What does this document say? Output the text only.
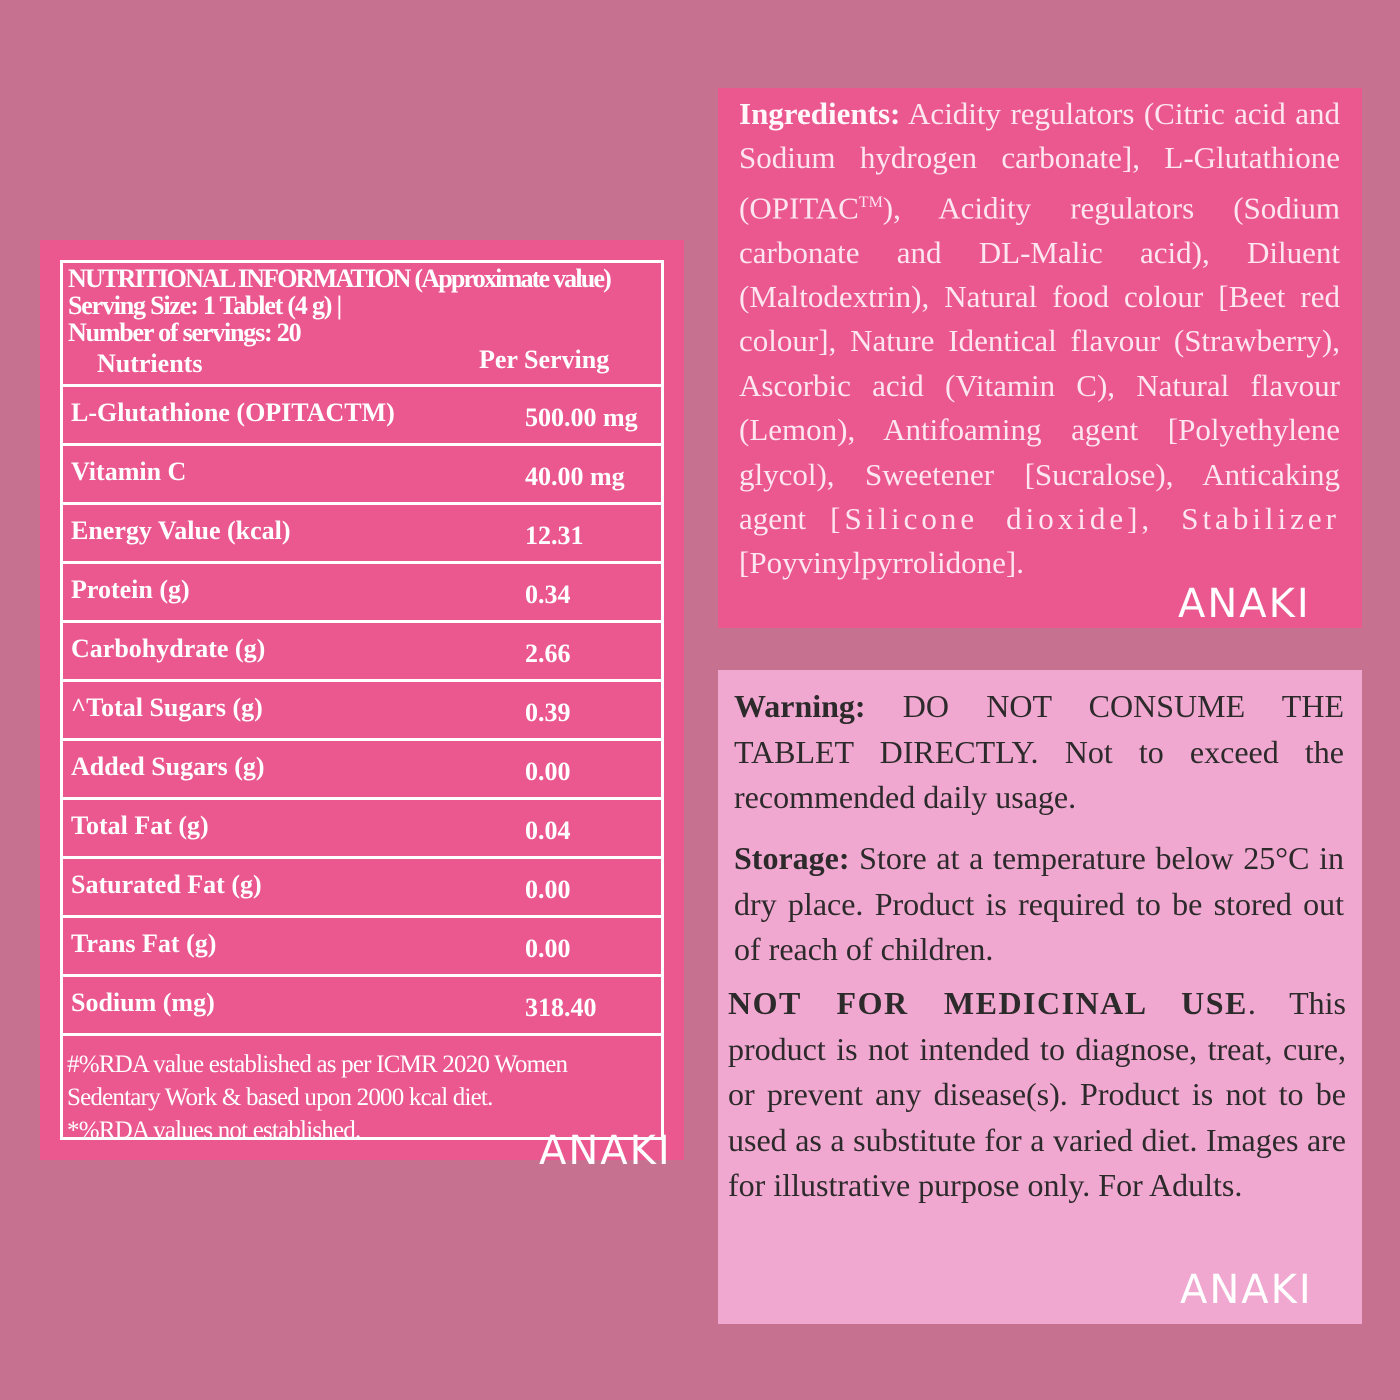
NUTRITIONAL INFORMATION (Approximate value)
Serving Size: 1 Tablet (4 g) |
Number of servings: 20
Nutrients	Per Serving
L-Glutathione (OPITACTM)	500.00 mg
Vitamin C	40.00 mg
Energy Value (kcal)	12.31
Protein (g)	0.34
Carbohydrate (g)	2.66
^Total Sugars (g)	0.39
Added Sugars (g)	0.00
Total Fat (g)	0.04
Saturated Fat (g)	0.00
Trans Fat (g)	0.00
Sodium (mg)	318.40
#%RDA value established as per ICMR 2020 Women
Sedentary Work & based upon 2000 kcal diet.
*%RDA values not established.	ANAKI
Ingredients: Acidity regulators (Citric acid and Sodium hydrogen carbonate], L-Glutathione (OPITAC™), Acidity regulators (Sodium carbonate and DL-Malic acid), Diluent (Maltodextrin), Natural food colour [Beet red colour], Nature Identical flavour (Strawberry), Ascorbic acid (Vitamin C), Natural flavour (Lemon), Antifoaming agent [Polyethylene glycol), Sweetener [Sucralose), Anticaking agent [Silicone dioxide], Stabilizer [Poyvinylpyrrolidone].
ANAKI
Warning: DO NOT CONSUME THE TABLET DIRECTLY. Not to exceed the recommended daily usage.
Storage: Store at a temperature below 25°C in dry place. Product is required to be stored out of reach of children.
NOT FOR MEDICINAL USE. This product is not intended to diagnose, treat, cure, or prevent any disease(s). Product is not to be used as a substitute for a varied diet. Images are for illustrative purpose only. For Adults.
ANAKI
